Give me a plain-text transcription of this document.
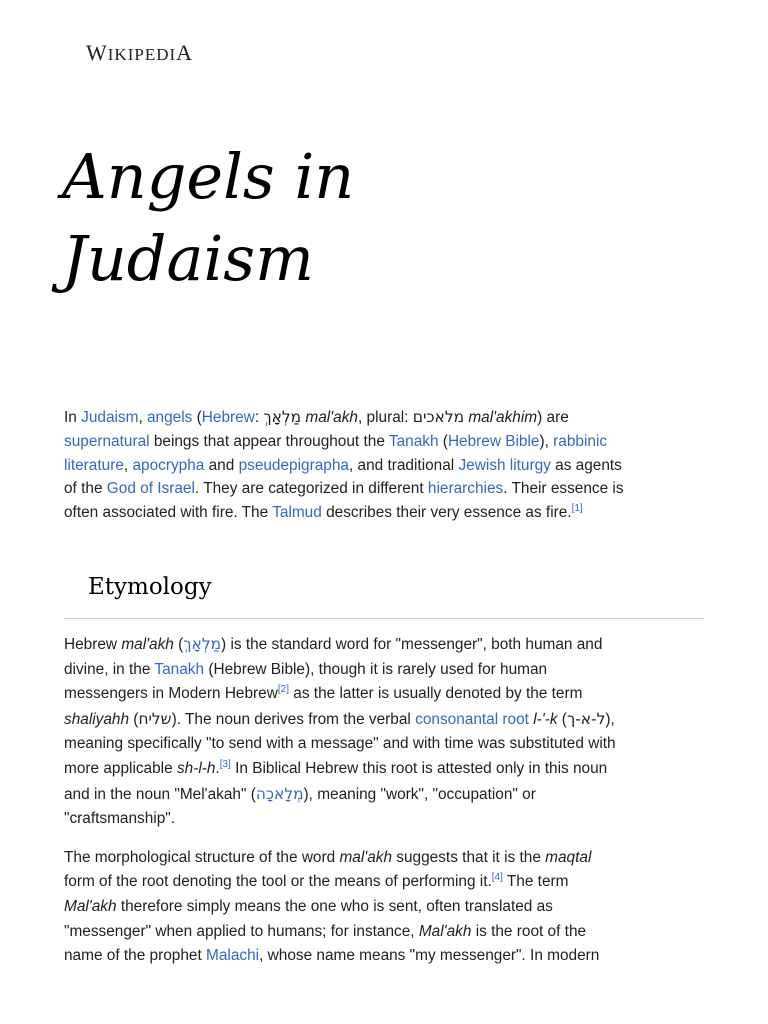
WIKIPEDIA
Angels in
Judaism

In Judaism, angels (Hebrew: מַלְאָךְ mal'akh, plural: מלאכים mal'akhim) are supernatural beings that appear throughout the Tanakh (Hebrew Bible), rabbinic literature, apocrypha and pseudepigrapha, and traditional Jewish liturgy as agents of the God of Israel. They are categorized in different hierarchies. Their essence is often associated with fire. The Talmud describes their very essence as fire.[1]

Etymology

Hebrew mal'akh (מַלְאָךְ) is the standard word for "messenger", both human and divine, in the Tanakh (Hebrew Bible), though it is rarely used for human messengers in Modern Hebrew[2] as the latter is usually denoted by the term shaliyahh (שליח). The noun derives from the verbal consonantal root l-'-k (ל-א-ך), meaning specifically "to send with a message" and with time was substituted with more applicable sh-l-h.[3] In Biblical Hebrew this root is attested only in this noun and in the noun "Mel'akah" (מְלָאכָה), meaning "work", "occupation" or "craftsmanship".

The morphological structure of the word mal'akh suggests that it is the maqtal form of the root denoting the tool or the means of performing it.[4] The term Mal'akh therefore simply means the one who is sent, often translated as "messenger" when applied to humans; for instance, Mal'akh is the root of the name of the prophet Malachi, whose name means "my messenger". In modern
